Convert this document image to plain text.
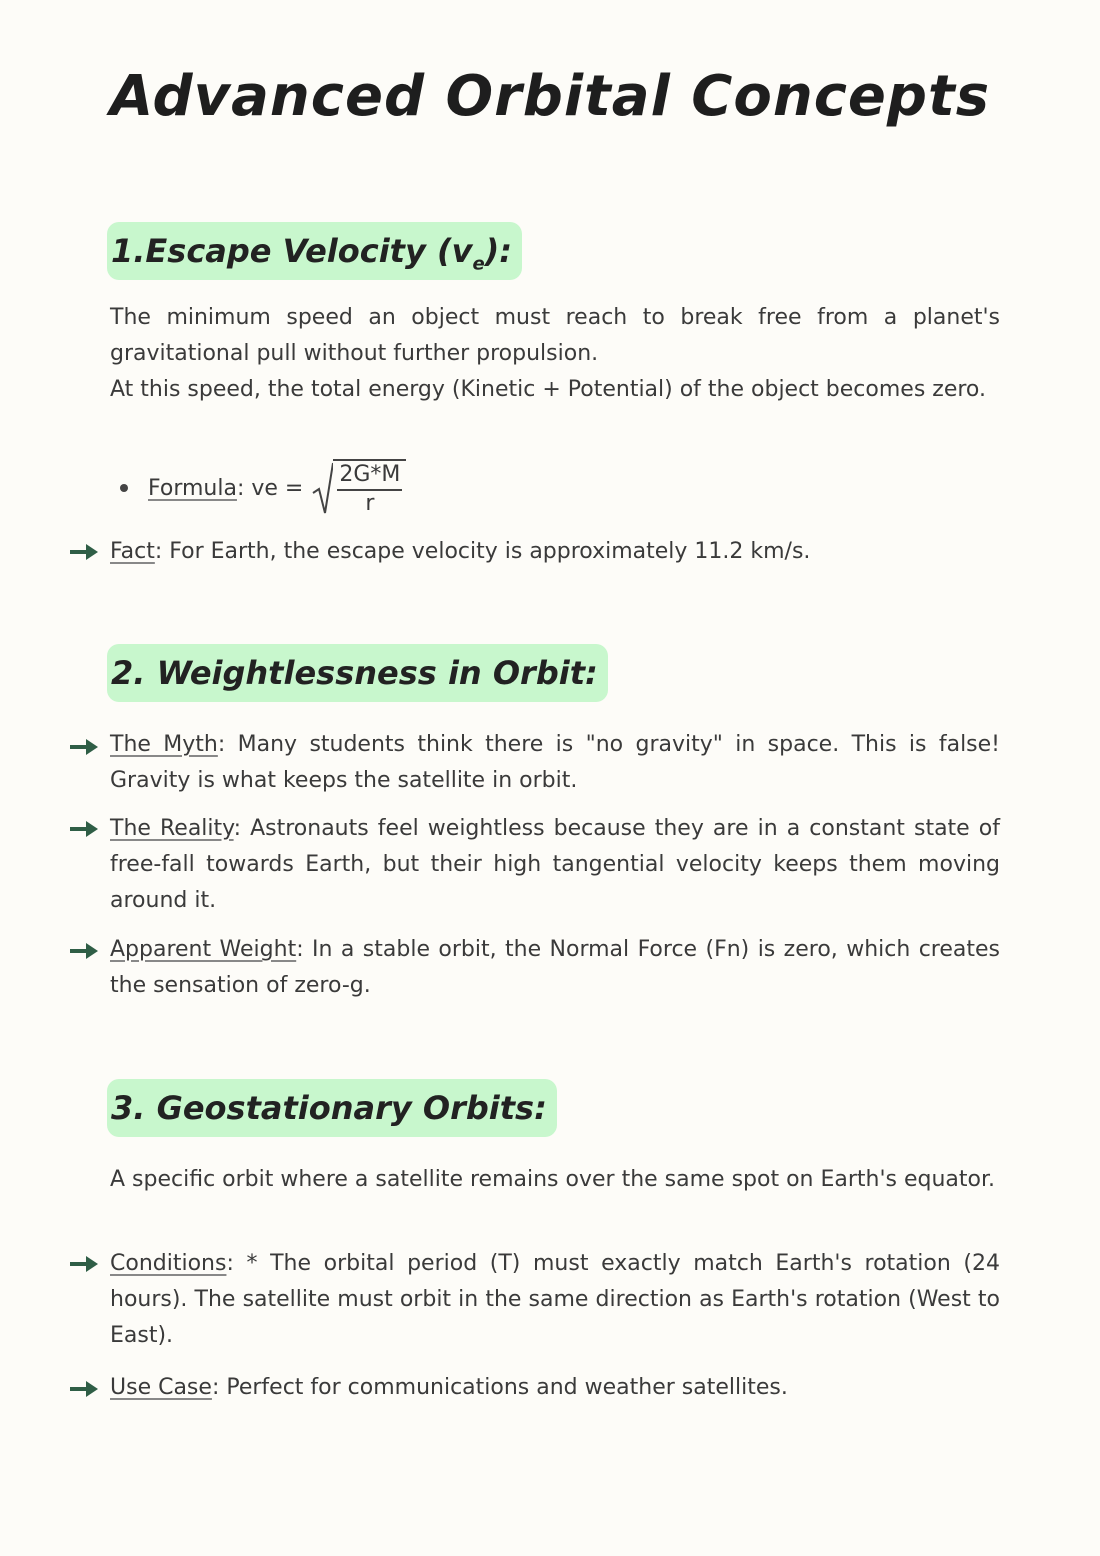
Advanced Orbital Concepts
1.Escape Velocity $(v_e)$:
The minimum speed an object must reach to break free from a planet's gravitational pull without further propulsion.
At this speed, the total energy (Kinetic + Potential) of the object becomes zero.
Formula : ve = $\frac{2G*M}{r}$
Fact: For Earth, the escape velocity is approximately 11.2 km/s.
2. Weightlessness in Orbit:
The Myth: Many students think there is "no gravity" in space. This is false! Gravity is what keeps the satellite in orbit.
The Reality: Astronauts feel weightless because they are in a constant state of free-fall towards Earth, but their high tangential velocity keeps them moving around it.
Apparent Weight: In a stable orbit, the Normal Force (Fn) is zero, which creates the sensation of zero-g.
3. Geostationary Orbits:
A specific orbit where a satellite remains over the same spot on Earth's equator.
Conditions: * The orbital period (T) must exactly match Earth's rotation (24 hours). The satellite must orbit in the same direction as Earth's rotation (West to East).
Use Case: Perfect for communications and weather satellites.
